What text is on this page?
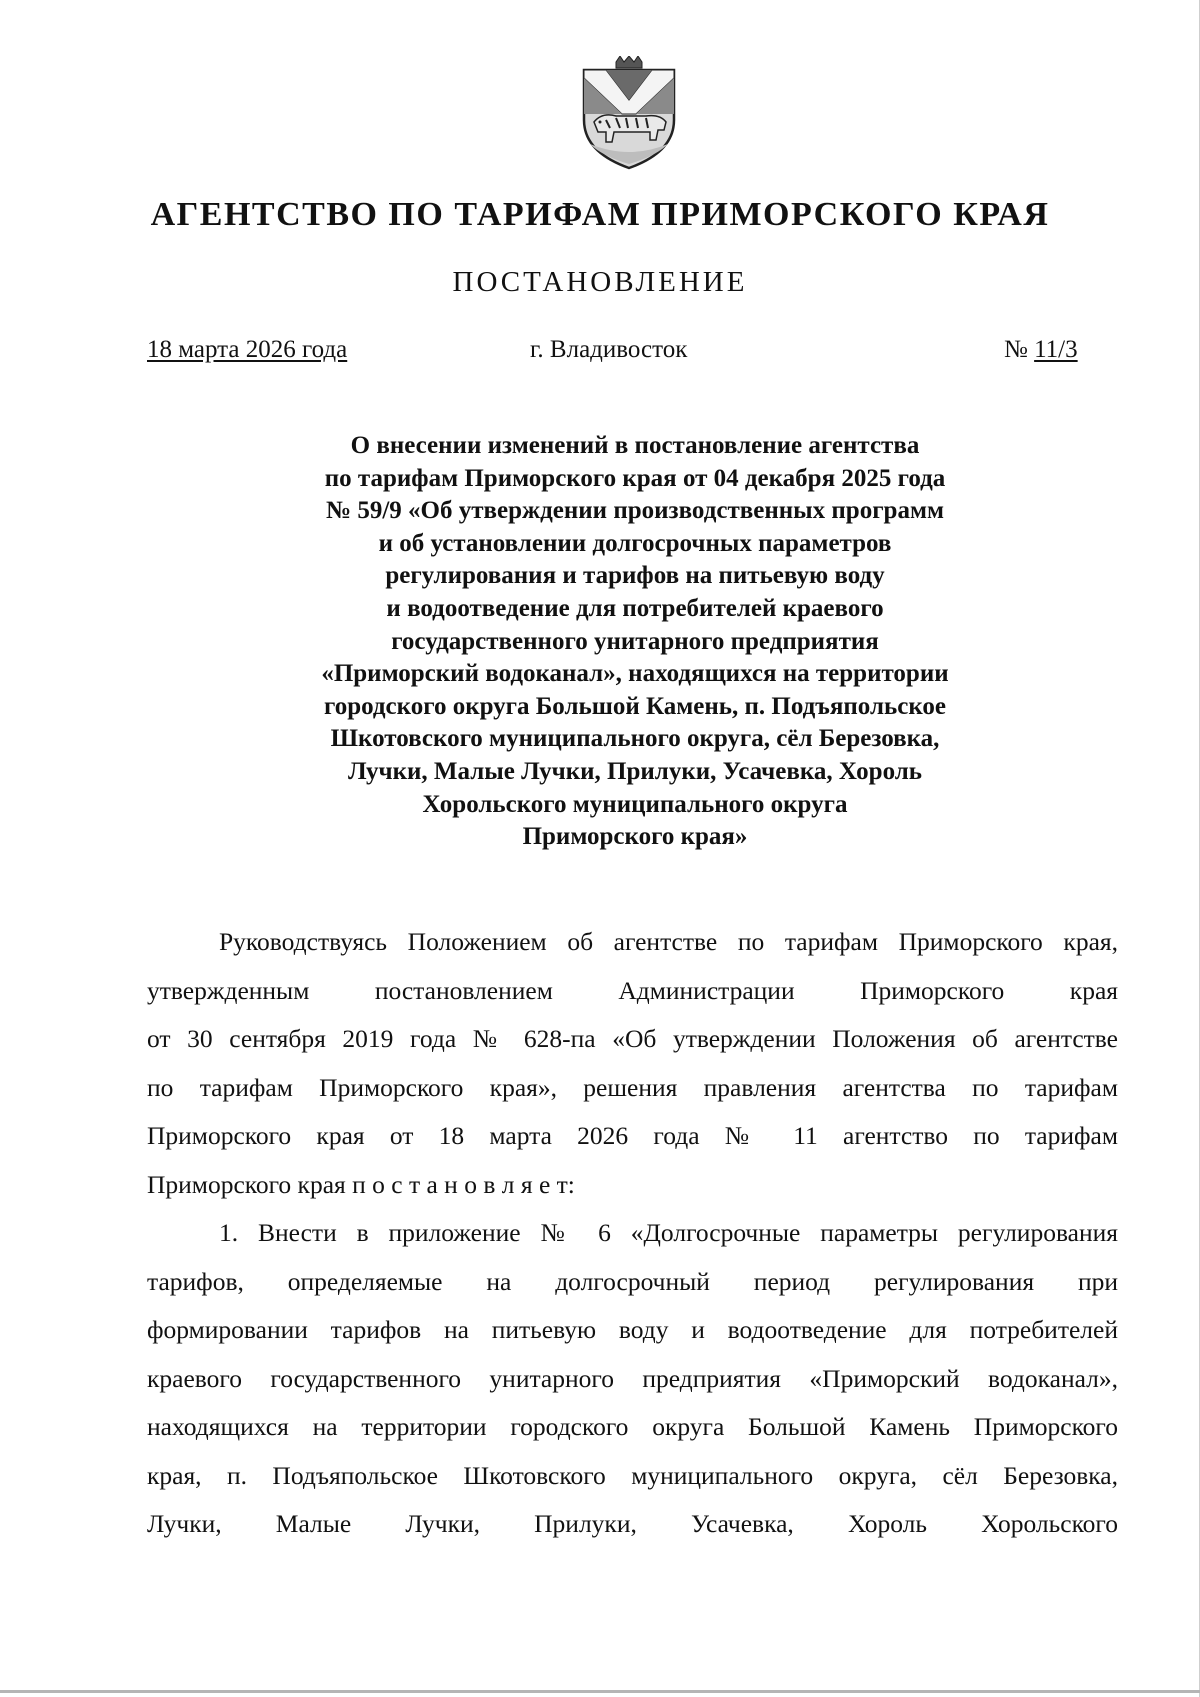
АГЕНТСТВО ПО ТАРИФАМ ПРИМОРСКОГО КРАЯ
ПОСТАНОВЛЕНИЕ
18 марта 2026 года	г. Владивосток	№ 11/3
О внесении изменений в постановление агентства
по тарифам Приморского края от 04 декабря 2025 года
№ 59/9 «Об утверждении производственных программ
и об установлении долгосрочных параметров
регулирования и тарифов на питьевую воду
и водоотведение для потребителей краевого
государственного унитарного предприятия
«Приморский водоканал», находящихся на территории
городского округа Большой Камень, п. Подъяпольское
Шкотовского муниципального округа, сёл Березовка,
Лучки, Малые Лучки, Прилуки, Усачевка, Хороль
Хорольского муниципального округа
Приморского края»
Руководствуясь Положением об агентстве по тарифам Приморского края,
утвержденным постановлением Администрации Приморского края
от 30 сентября 2019 года № 628-па «Об утверждении Положения об агентстве
по тарифам Приморского края», решения правления агентства по тарифам
Приморского края от 18 марта 2026 года № 11 агентство по тарифам
Приморского края п о с т а н о в л я е т:
1. Внести в приложение № 6 «Долгосрочные параметры регулирования
тарифов, определяемые на долгосрочный период регулирования при
формировании тарифов на питьевую воду и водоотведение для потребителей
краевого государственного унитарного предприятия «Приморский водоканал»,
находящихся на территории городского округа Большой Камень Приморского
края, п. Подъяпольское Шкотовского муниципального округа, сёл Березовка,
Лучки, Малые Лучки, Прилуки, Усачевка, Хороль Хорольского
